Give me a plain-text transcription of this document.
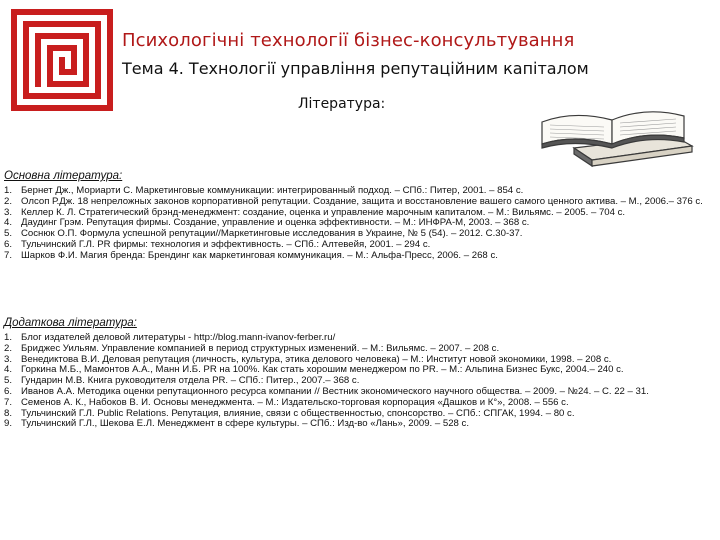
Психологічні технології бізнес-консультування
Тема 4. Технології управління репутаційним капіталом
Література:
Основна література:
1. Бернет Дж., Мориарти С. Маркетинговые коммуникации: интегрированный подход. – СПб.: Питер, 2001. – 854 с.
2. Олсоп Р.Дж. 18 непреложных законов корпоративной репутации. Создание, защита и восстановление вашего самого ценного актива. – М., 2006.– 376 с.
3. Келлер К. Л. Стратегический брэнд-менеджмент: создание, оценка и управление марочным капиталом. – М.: Вильямс. – 2005. – 704 с.
4. Даудинг Грэм. Репутация фирмы. Создание, управление и оценка эффективности. – М.: ИНФРА-М, 2003. – 368 с.
5. Соснюк О.П. Формула успешной репутации//Маркетинговые исследования в Украине, № 5 (54). – 2012. С.30-37.
6. Тульчинский Г.Л. PR фирмы: технология и эффективность. – СПб.: Алтевейя, 2001. – 294 с.
7. Шарков Ф.И. Магия бренда: Брендинг как маркетинговая коммуникация. – М.: Альфа-Пресс, 2006. – 268 с.
Додаткова література:
1. Блог издателей деловой литературы - http://blog.mann-ivanov-ferber.ru/
2. Бриджес Уильям. Управление компанией в период структурных изменений. – М.: Вильямс. – 2007. – 208 с.
3. Венедиктова В.И. Деловая репутация (личность, культура, этика делового человека) – М.: Институт новой экономики, 1998. – 208 с.
4. Горкина М.Б., Мамонтов А.А., Манн И.Б. PR на 100%. Как стать хорошим менеджером по PR. – М.: Альпина Бизнес Букс, 2004.– 240 с.
5. Гундарин М.В. Книга руководителя отдела PR. – СПб.: Питер., 2007.– 368 с.
6. Иванов А.А. Методика оценки репутационного ресурса компании // Вестник экономического научного общества. – 2009. – №24. – С. 22 – 31.
7. Семенов А. К., Набоков В. И. Основы менеджмента. – М.: Издательско-торговая корпорация «Дашков и К°», 2008. – 556 с.
8. Тульчинский Г.Л. Public Relations. Репутация, влияние, связи с общественностью, спонсорство. – СПб.: СПГАК, 1994. – 80 с.
9. Тульчинский Г.Л., Шекова Е.Л. Менеджмент в сфере культуры. – СПб.: Изд-во «Лань», 2009. – 528 с.
